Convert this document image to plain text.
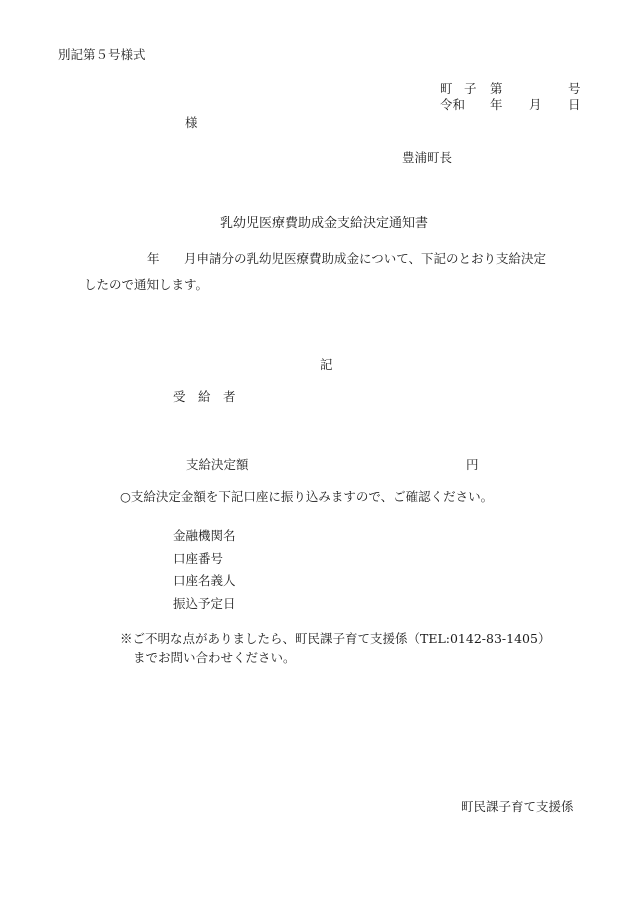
別記第５号様式
町 子 第	号
令和 年 月 日
様
豊浦町長
乳幼児医療費助成金支給決定通知書
年 月申請分の乳幼児医療費助成金について、下記のとおり支給決定
したので通知します。
記
受　給　者
支給決定額	円
○支給決定金額を下記口座に振り込みますので、ご確認ください。
金融機関名
口座番号
口座名義人
振込予定日
※ご不明な点がありましたら、町民課子育て支援係（TEL:0142-83-1405）
までお問い合わせください。
町民課子育て支援係
